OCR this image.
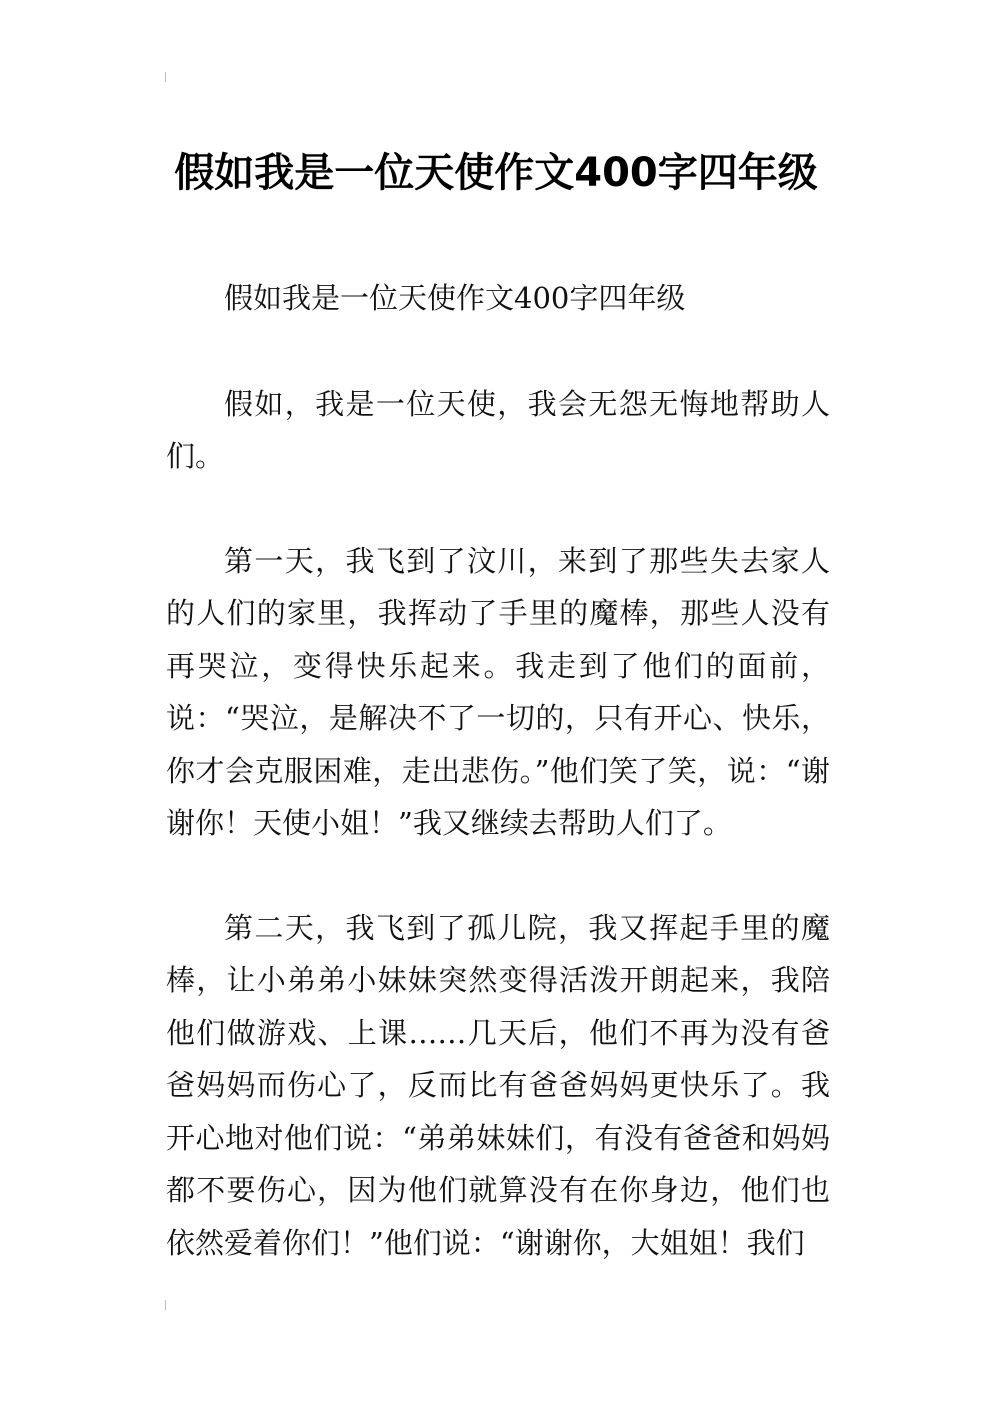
假如我是一位天使作文400字四年级

假如我是一位天使作文400字四年级

假如，我是一位天使，我会无怨无悔地帮助人们。

第一天，我飞到了汶川，来到了那些失去家人的人们的家里，我挥动了手里的魔棒，那些人没有再哭泣，变得快乐起来。我走到了他们的面前，说：“哭泣，是解决不了一切的，只有开心、快乐，你才会克服困难，走出悲伤。”他们笑了笑，说：“谢谢你！天使小姐！”我又继续去帮助人们了。

第二天，我飞到了孤儿院，我又挥起手里的魔棒，让小弟弟小妹妹突然变得活泼开朗起来，我陪他们做游戏、上课……几天后，他们不再为没有爸爸妈妈而伤心了，反而比有爸爸妈妈更快乐了。我开心地对他们说：“弟弟妹妹们，有没有爸爸和妈妈都不要伤心，因为他们就算没有在你身边，他们也依然爱着你们！”他们说：“谢谢你，大姐姐！我们
